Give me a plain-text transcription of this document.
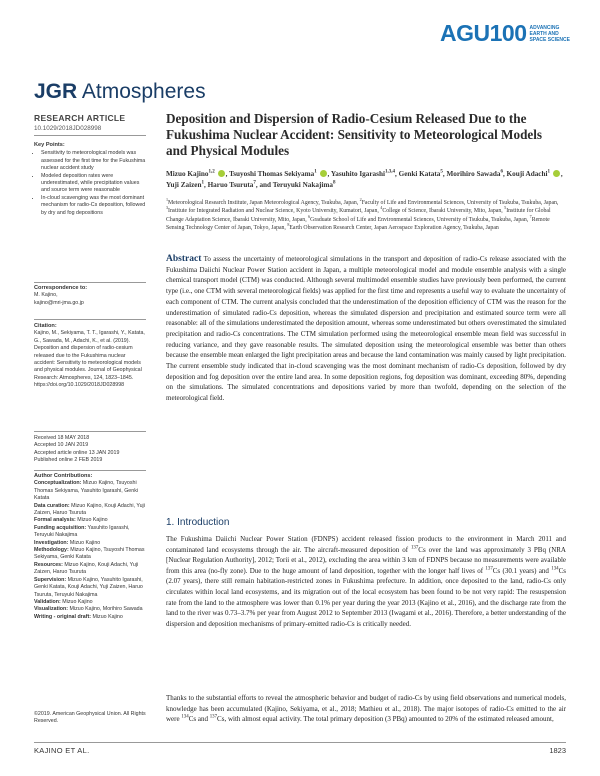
AGU100 ADVANCING
EARTH AND
SPACE SCIENCE
JGR Atmospheres
RESEARCH ARTICLE
10.1029/2018JD028998
Key Points:
• Sensitivity to meteorological models was assessed for the first time for the Fukushima nuclear accident study
• Modeled deposition rates were underestimated, while precipitation values and source term were reasonable
• In-cloud scavenging was the most dominant mechanism for radio-Cs deposition, followed by dry and fog depositions
Correspondence to:
M. Kajino,
kajino@mri-jma.go.jp
Citation:
Kajino, M., Sekiyama, T. T., Igarashi, Y., Katata, G., Sawada, M., Adachi, K., et al. (2019). Deposition and dispersion of radio-cesium released due to the Fukushima nuclear accident: Sensitivity to meteorological models and physical modules. Journal of Geophysical Research: Atmospheres, 124, 1823–1845. https://doi.org/10.1029/2018JD028998
Received 18 MAY 2018
Accepted 10 JAN 2019
Accepted article online 13 JAN 2019
Published online 2 FEB 2019
Author Contributions:
Conceptualization: Mizuo Kajino, Tsuyoshi Thomas Sekiyama, Yasuhito Igarashi, Genki Katata
Data curation: Mizuo Kajino, Kouji Adachi, Yuji Zaizen, Haruo Tsuruta
Formal analysis: Mizuo Kajino
Funding acquisition: Yasuhito Igarashi, Teruyuki Nakajima
Investigation: Mizuo Kajino
Methodology: Mizuo Kajino, Tsuyoshi Thomas Sekiyama, Genki Katata
Resources: Mizuo Kajino, Kouji Adachi, Yuji Zaizen, Haruo Tsuruta
Supervision: Mizuo Kajino, Yasuhito Igarashi, Genki Katata, Kouji Adachi, Yuji Zaizen, Haruo Tsuruta, Teruyuki Nakajima
Validation: Mizuo Kajino
Visualization: Mizuo Kajino, Morihiro Sawada
Writing - original draft: Mizuo Kajino
©2019. American Geophysical Union. All Rights Reserved.
Deposition and Dispersion of Radio-Cesium Released Due to the Fukushima Nuclear Accident: Sensitivity to Meteorological Models and Physical Modules
Mizuo Kajino$^{1,2}$ , Tsuyoshi Thomas Sekiyama$^1$ , Yasuhito Igarashi$^{1,3,4}$, Genki Katata$^5$, Morihiro Sawada$^6$, Kouji Adachi$^1$ , Yuji Zaizen$^1$, Haruo Tsuruta$^7$, and Teruyuki Nakajima$^8$
$^1$Meteorological Research Institute, Japan Meteorological Agency, Tsukuba, Japan, $^2$Faculty of Life and Environmental Sciences, University of Tsukuba, Tsukuba, Japan, $^3$Institute for Integrated Radiation and Nuclear Science, Kyoto University, Kumatori, Japan, $^4$College of Science, Ibaraki University, Mito, Japan, $^5$Institute for Global Change Adaptation Science, Ibaraki University, Mito, Japan, $^6$Graduate School of Life and Environmental Sciences, University of Tsukuba, Tsukuba, Japan, $^7$Remote Sensing Technology Center of Japan, Tokyo, Japan, $^8$Earth Observation Research Center, Japan Aerospace Exploration Agency, Tsukuba, Japan
Abstract To assess the uncertainty of meteorological simulations in the transport and deposition of radio-Cs release associated with the Fukushima Daiichi Nuclear Power Station accident in Japan, a multiple meteorological model and module ensemble analysis with a single chemical transport model (CTM) was conducted. Although several multimodel ensemble studies have previously been performed, the current type (i.e., one CTM with several meteorological fields) was applied for the first time and represents a useful way to evaluate the uncertainty of each component of CTM. The current analysis concluded that the underestimation of the deposition efficiency of CTM was the reason for the underestimation of simulated radio-Cs deposition, whereas the simulated dispersion and precipitation and estimated source term were all reasonable: all of the simulations underestimated the deposition amount, whereas some underestimated but others overestimated the simulated precipitation and radio-Cs concentrations. The CTM simulation performed using the meteorological ensemble mean field was successful in reducing variance, and they gave reasonable results. The simulated deposition using the meteorological ensemble was better than others because the ensemble mean enlarged the light precipitation areas and because the land contamination was mainly caused by light precipitation. The current ensemble study indicated that in-cloud scavenging was the most dominant mechanism of radio-Cs deposition, followed by dry deposition and fog deposition over the entire land area. In some deposition regions, fog deposition was dominant, exceeding 80%, depending on the simulations. The simulated concentrations and depositions varied by more than twofold, depending on the selection of the meteorological field.
1. Introduction
The Fukushima Daiichi Nuclear Power Station (FDNPS) accident released fission products to the environment in March 2011 and contaminated land ecosystems through the air. The aircraft-measured deposition of $^{137}$Cs over the land was approximately 3 PBq (NRA [Nuclear Regulation Authority], 2012; Torii et al., 2012), excluding the area within 3 km of FDNPS because no measurements were available from this area (no-fly zone). Due to the huge amount of land deposition, together with the longer half lives of $^{137}$Cs (30.1 years) and $^{134}$Cs (2.07 years), there still remain habitation-restricted zones in Fukushima prefecture. In addition, once deposited to the land, radio-Cs only circulates within local land ecosystems, and its migration out of the local ecosystem has been found to be not very rapid: The resuspension rate from the land to the atmosphere was lower than 0.1% per year during the year 2013 (Kajino et al., 2016), and the discharge rate from the land to the river was 0.73–3.7% per year from August 2012 to September 2013 (Iwagami et al., 2016). Therefore, a better understanding of the dispersion and deposition mechanisms of primary-emitted radio-Cs is critically needed.
Thanks to the substantial efforts to reveal the atmospheric behavior and budget of radio-Cs by using field observations and numerical models, knowledge has been accumulated (Kajino, Sekiyama, et al., 2018; Mathieu et al., 2018). The major isotopes of radio-Cs emitted to the air were $^{134}$Cs and $^{137}$Cs, with almost equal activity. The total primary deposition (3 PBq) amounted to 20% of the estimated released amount,
KAJINO ET AL.	1823
